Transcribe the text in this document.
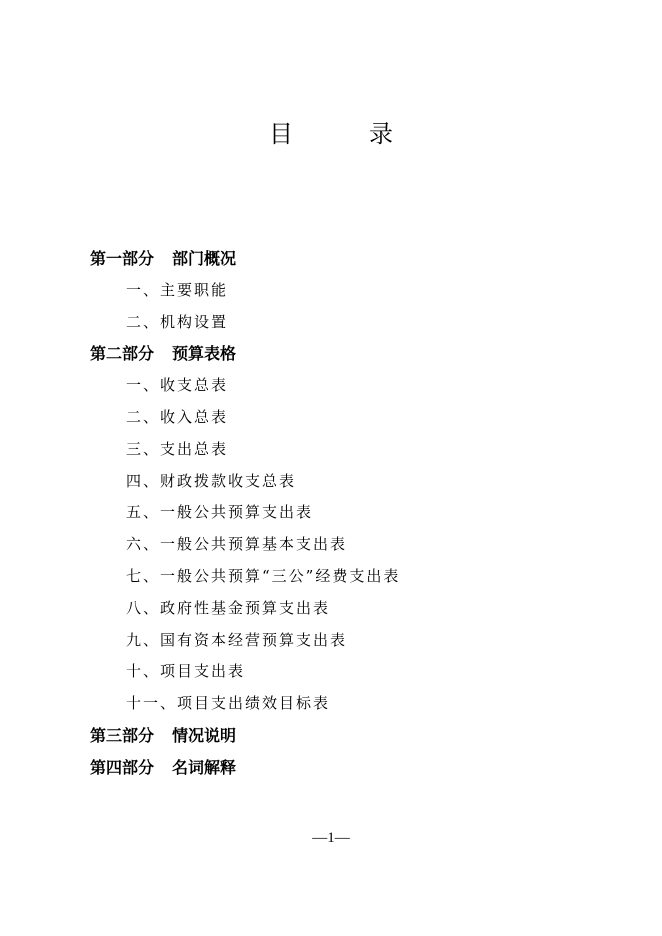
目　录
第一部分 部门概况
一、主要职能
二、机构设置
第二部分 预算表格
一、收支总表
二、收入总表
三、支出总表
四、财政拨款收支总表
五、一般公共预算支出表
六、一般公共预算基本支出表
七、一般公共预算“三公”经费支出表
八、政府性基金预算支出表
九、国有资本经营预算支出表
十、项目支出表
十一、项目支出绩效目标表
第三部分 情况说明
第四部分 名词解释
—1—
